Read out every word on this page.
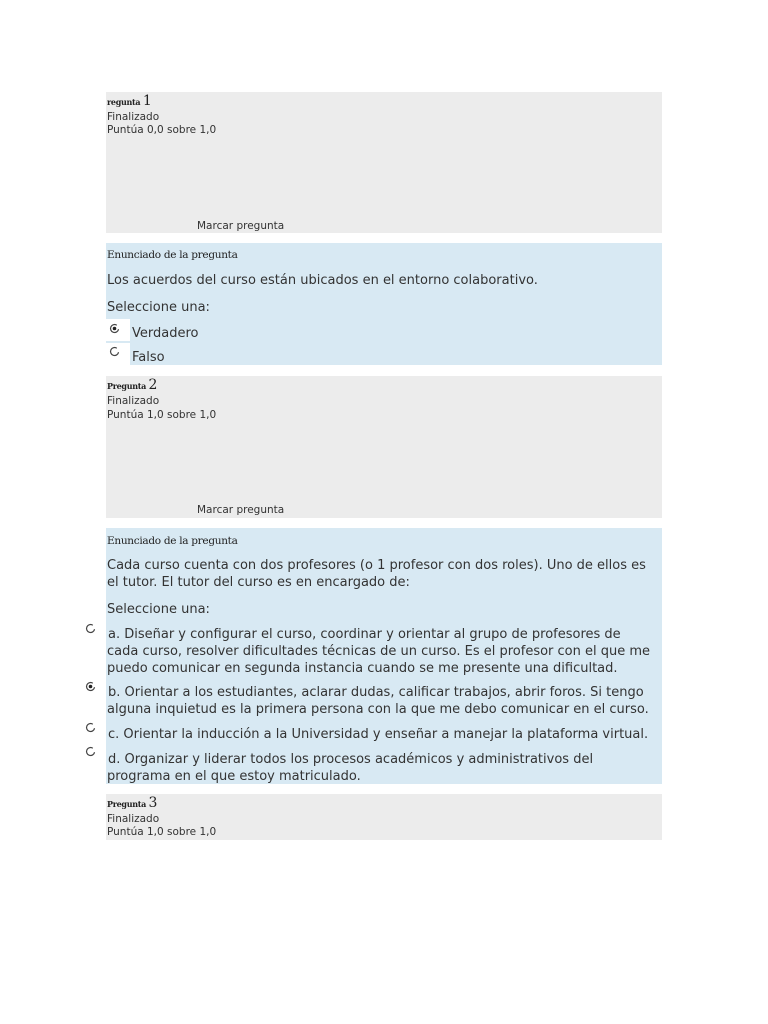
regunta 1
Finalizado
Puntúa 0,0 sobre 1,0
Marcar pregunta
Enunciado de la pregunta
Los acuerdos del curso están ubicados en el entorno colaborativo.
Seleccione una:
Verdadero
Falso
Pregunta 2
Finalizado
Puntúa 1,0 sobre 1,0
Marcar pregunta
Enunciado de la pregunta
Cada curso cuenta con dos profesores (o 1 profesor con dos roles). Uno de ellos es
el tutor. El tutor del curso es en encargado de:
Seleccione una:
a. Diseñar y configurar el curso, coordinar y orientar al grupo de profesores de
cada curso, resolver dificultades técnicas de un curso. Es el profesor con el que me
puedo comunicar en segunda instancia cuando se me presente una dificultad.
b. Orientar a los estudiantes, aclarar dudas, calificar trabajos, abrir foros. Si tengo
alguna inquietud es la primera persona con la que me debo comunicar en el curso.
c. Orientar la inducción a la Universidad y enseñar a manejar la plataforma virtual.
d. Organizar y liderar todos los procesos académicos y administrativos del
programa en el que estoy matriculado.
Pregunta 3
Finalizado
Puntúa 1,0 sobre 1,0
